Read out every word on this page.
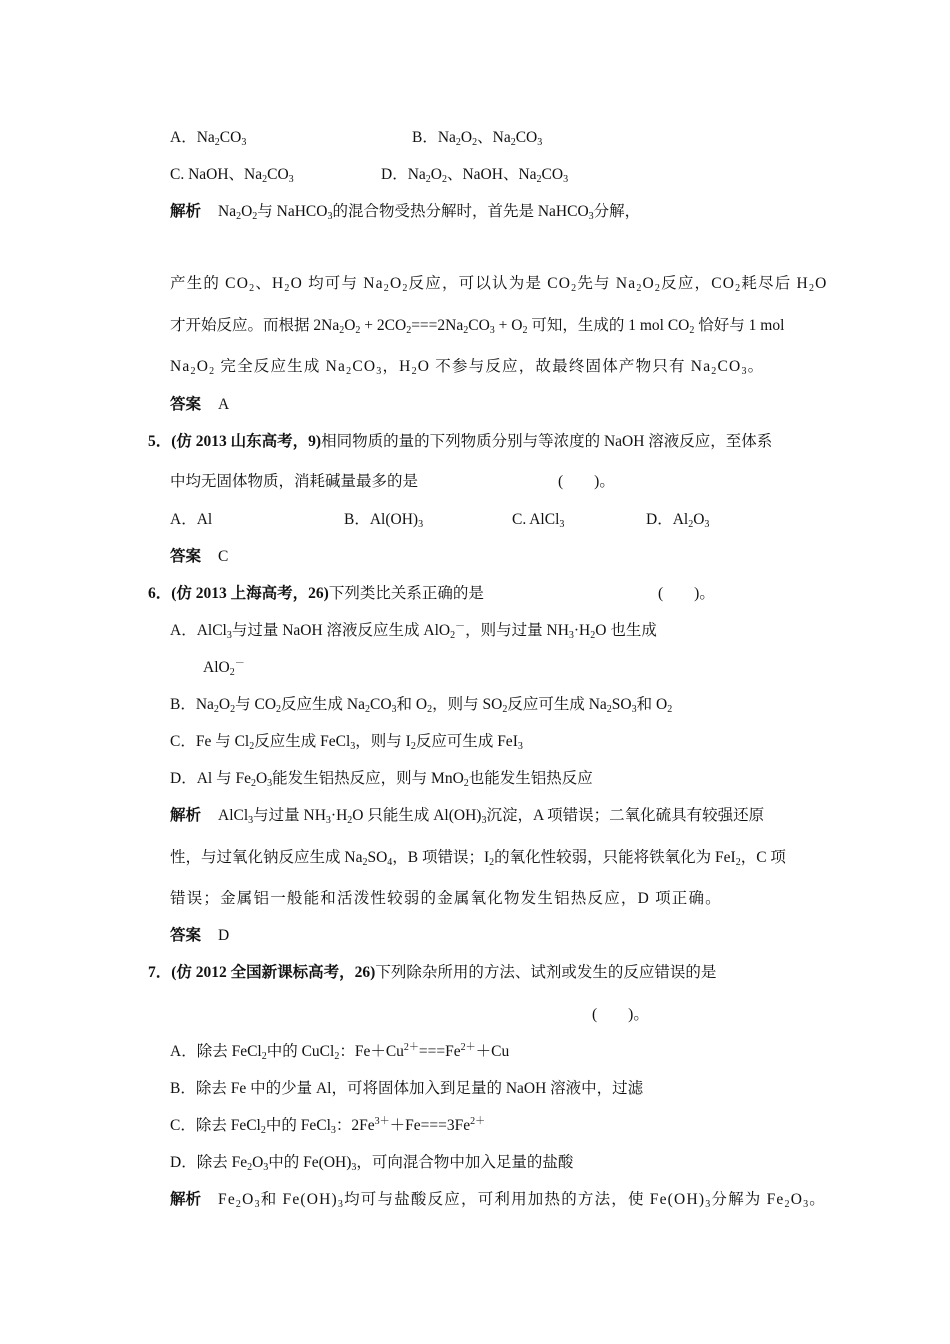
A．$Na_2CO_3$	B．$Na_2O_2$、$Na_2CO_3$
C. NaOH、$Na_2CO_3$	D．$Na_2O_2$、NaOH、$Na_2CO_3$
解析 $Na_2O_2$与 NaHCO$_3$的混合物受热分解时，首先是 NaHCO$_3$分解，
产生的 $CO_2$、$H_2O$ 均可与 $Na_2O_2$反应，可以认为是 $CO_2$先与 $Na_2O_2$反应，$CO_2$耗尽后 $H_2O$
才开始反应。而根据 $2Na_2O_2 + 2CO_2===2Na_2CO_3 + O_2$ 可知，生成的 1 mol $CO_2$ 恰好与 1 mol
$Na_2O_2$ 完全反应生成 $Na_2CO_3$，$H_2O$ 不参与反应，故最终固体产物只有 $Na_2CO_3$。
答案 A
5．(仿 2013 山东高考，9)相同物质的量的下列物质分别与等浓度的 NaOH 溶液反应，至体系
中均无固体物质，消耗碱量最多的是	(　　)。
A．Al	B．$Al(OH)_3$	C. AlCl$_3$	D．$Al_2O_3$
答案 C
6．(仿 2013 上海高考，26)下列类比关系正确的是	(　　)。
A．AlCl$_3$与过量 NaOH 溶液反应生成 AlO$_2$－，则与过量 $NH_3\cdot H_2O$ 也生成
AlO$_2$－
B．$Na_2O_2$与 $CO_2$反应生成 $Na_2CO_3$和 $O_2$，则与 $SO_2$反应可生成 $Na_2SO_3$和 $O_2$
C．Fe 与 $Cl_2$反应生成 FeCl$_3$，则与 $I_2$反应可生成 FeI$_3$
D．Al 与 $Fe_2O_3$能发生铝热反应，则与 MnO$_2$也能发生铝热反应
解析 AlCl$_3$与过量 $NH_3\cdot H_2O$ 只能生成 $Al(OH)_3$沉淀，A 项错误；二氧化硫具有较强还原
性，与过氧化钠反应生成 $Na_2SO_4$，B 项错误；$I_2$的氧化性较弱，只能将铁氧化为 FeI$_2$，C 项
错误；金属铝一般能和活泼性较弱的金属氧化物发生铝热反应，D 项正确。
答案 D
7．(仿 2012 全国新课标高考，26)下列除杂所用的方法、试剂或发生的反应错误的是
(　　)。
A．除去 FeCl$_2$中的 CuCl$_2$：$Fe+Cu^{2+}===Fe^{2+}+Cu$
B．除去 Fe 中的少量 Al，可将固体加入到足量的 NaOH 溶液中，过滤
C．除去 FeCl$_2$中的 FeCl$_3$：$2Fe^{3+}+Fe===3Fe^{2+}$
D．除去 $Fe_2O_3$中的 $Fe(OH)_3$，可向混合物中加入足量的盐酸
解析 $Fe_2O_3$和 $Fe(OH)_3$均可与盐酸反应，可利用加热的方法，使 $Fe(OH)_3$分解为 $Fe_2O_3$。
